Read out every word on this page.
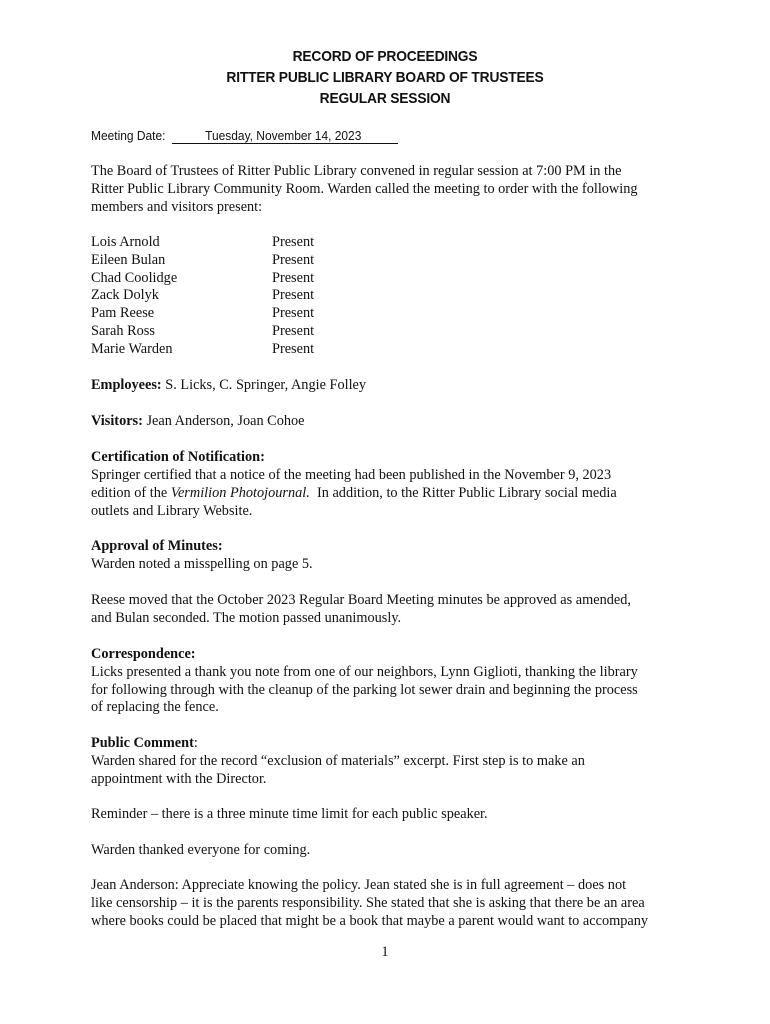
RECORD OF PROCEEDINGS
RITTER PUBLIC LIBRARY BOARD OF TRUSTEES
REGULAR SESSION
Meeting Date:	Tuesday, November 14, 2023
The Board of Trustees of Ritter Public Library convened in regular session at 7:00 PM in the
Ritter Public Library Community Room. Warden called the meeting to order with the following
members and visitors present:
Lois Arnold	Present
Eileen Bulan	Present
Chad Coolidge	Present
Zack Dolyk	Present
Pam Reese	Present
Sarah Ross	Present
Marie Warden	Present
Employees: S. Licks, C. Springer, Angie Folley
Visitors: Jean Anderson, Joan Cohoe
Certification of Notification:
Springer certified that a notice of the meeting had been published in the November 9, 2023
edition of the Vermilion Photojournal.  In addition, to the Ritter Public Library social media
outlets and Library Website.
Approval of Minutes:
Warden noted a misspelling on page 5.
Reese moved that the October 2023 Regular Board Meeting minutes be approved as amended,
and Bulan seconded. The motion passed unanimously.
Correspondence:
Licks presented a thank you note from one of our neighbors, Lynn Giglioti, thanking the library
for following through with the cleanup of the parking lot sewer drain and beginning the process
of replacing the fence.
Public Comment:
Warden shared for the record “exclusion of materials” excerpt. First step is to make an
appointment with the Director.
Reminder – there is a three minute time limit for each public speaker.
Warden thanked everyone for coming.
Jean Anderson: Appreciate knowing the policy. Jean stated she is in full agreement – does not
like censorship – it is the parents responsibility. She stated that she is asking that there be an area
where books could be placed that might be a book that maybe a parent would want to accompany
1
